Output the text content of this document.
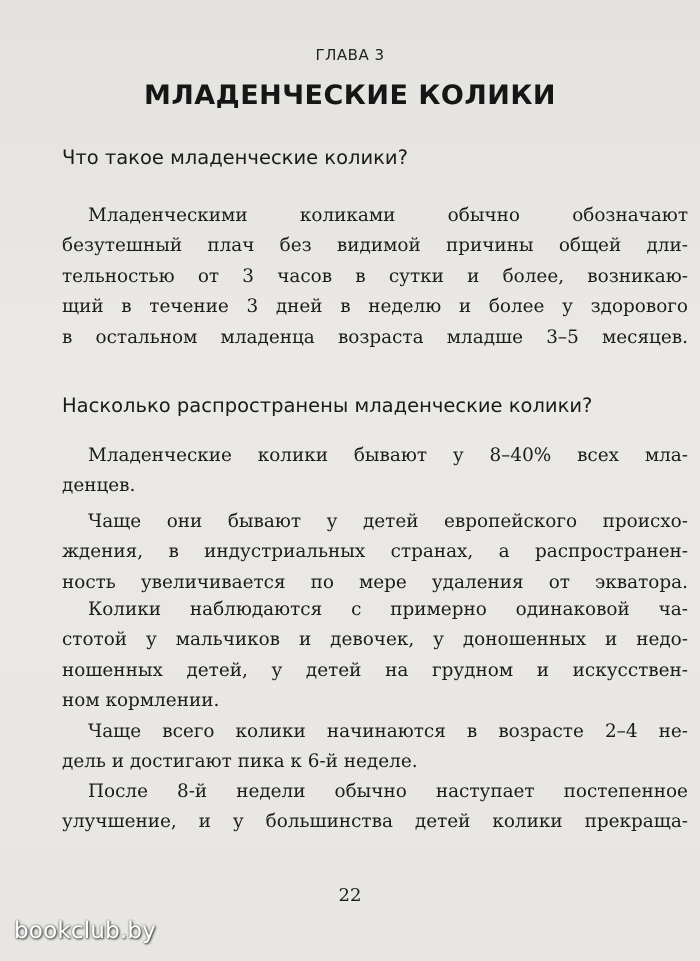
ГЛАВА 3
МЛАДЕНЧЕСКИЕ КОЛИКИ
Что такое младенческие колики?
Младенческими	коликами	обычно	обозначают
безутешный плач без видимой причины общей дли-
тельностью от 3 часов в сутки и более, возникаю-
щий в течение 3 дней в неделю и более у здорового
в остальном младенца возраста младше 3–5 месяцев.
Насколько распространены младенческие колики?
Младенческие колики бывают у 8–40% всех мла-
денцев.
Чаще они бывают у детей европейского происхо-
ждения, в индустриальных странах, а распространен-
ность увеличивается по мере удаления от экватора.
Колики наблюдаются с примерно одинаковой ча-
стотой у мальчиков и девочек, у доношенных и недо-
ношенных детей, у детей на грудном и искусствен-
ном кормлении.
Чаще всего колики начинаются в возрасте 2–4 не-
дель и достигают пика к 6-й неделе.
После 8-й недели обычно наступает постепенное
улучшение, и у большинства детей колики прекраща-
22
bookclub.by
